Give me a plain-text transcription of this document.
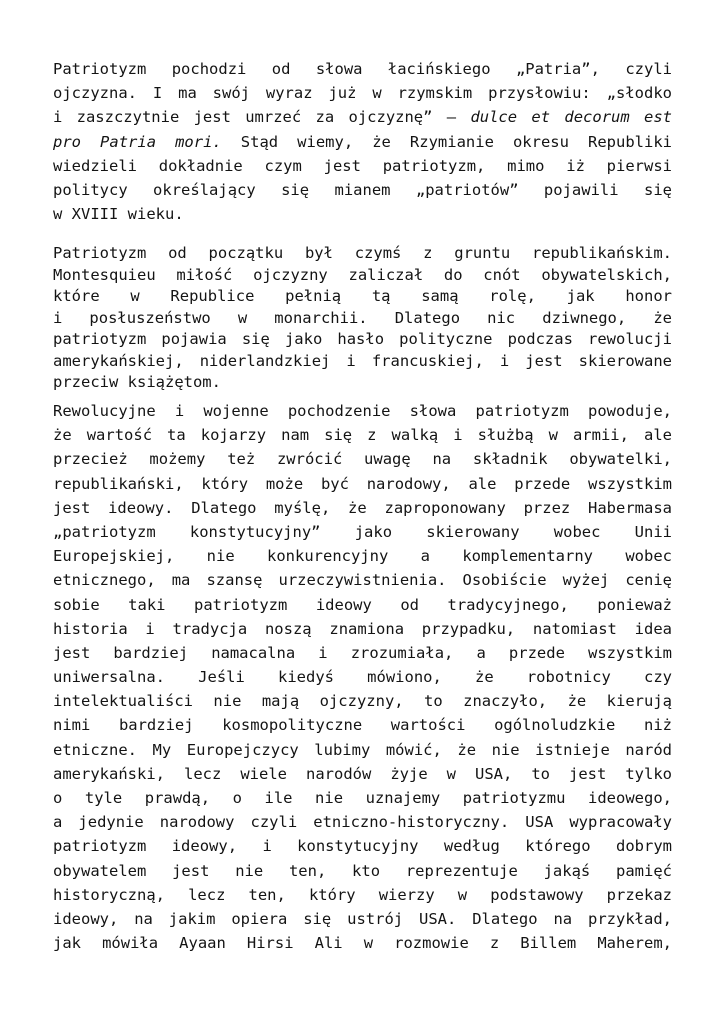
Patriotyzm pochodzi od słowa łacińskiego „Patria”, czyli
ojczyzna. I ma swój wyraz już w rzymskim przysłowiu: „słodko
i zaszczytnie jest umrzeć za ojczyznę” – dulce et decorum est
pro Patria mori. Stąd wiemy, że Rzymianie okresu Republiki
wiedzieli dokładnie czym jest patriotyzm, mimo iż pierwsi
politycy określający się mianem „patriotów” pojawili się
w XVIII wieku.
Patriotyzm od początku był czymś z gruntu republikańskim.
Montesquieu miłość ojczyzny zaliczał do cnót obywatelskich,
które w Republice pełnią tą samą rolę, jak honor
i posłuszeństwo w monarchii. Dlatego nic dziwnego, że
patriotyzm pojawia się jako hasło polityczne podczas rewolucji
amerykańskiej, niderlandzkiej i francuskiej, i jest skierowane
przeciw książętom.
Rewolucyjne i wojenne pochodzenie słowa patriotyzm powoduje,
że wartość ta kojarzy nam się z walką i służbą w armii, ale
przecież możemy też zwrócić uwagę na składnik obywatelki,
republikański, który może być narodowy, ale przede wszystkim
jest ideowy. Dlatego myślę, że zaproponowany przez Habermasa
„patriotyzm konstytucyjny” jako skierowany wobec Unii
Europejskiej, nie konkurencyjny a komplementarny wobec
etnicznego, ma szansę urzeczywistnienia. Osobiście wyżej cenię
sobie taki patriotyzm ideowy od tradycyjnego, ponieważ
historia i tradycja noszą znamiona przypadku, natomiast idea
jest bardziej namacalna i zrozumiała, a przede wszystkim
uniwersalna. Jeśli kiedyś mówiono, że robotnicy czy
intelektualiści nie mają ojczyzny, to znaczyło, że kierują
nimi bardziej kosmopolityczne wartości ogólnoludzkie niż
etniczne. My Europejczycy lubimy mówić, że nie istnieje naród
amerykański, lecz wiele narodów żyje w USA, to jest tylko
o tyle prawdą, o ile nie uznajemy patriotyzmu ideowego,
a jedynie narodowy czyli etniczno-historyczny. USA wypracowały
patriotyzm ideowy, i konstytucyjny według którego dobrym
obywatelem jest nie ten, kto reprezentuje jakąś pamięć
historyczną, lecz ten, który wierzy w podstawowy przekaz
ideowy, na jakim opiera się ustrój USA. Dlatego na przykład,
jak mówiła Ayaan Hirsi Ali w rozmowie z Billem Maherem,
